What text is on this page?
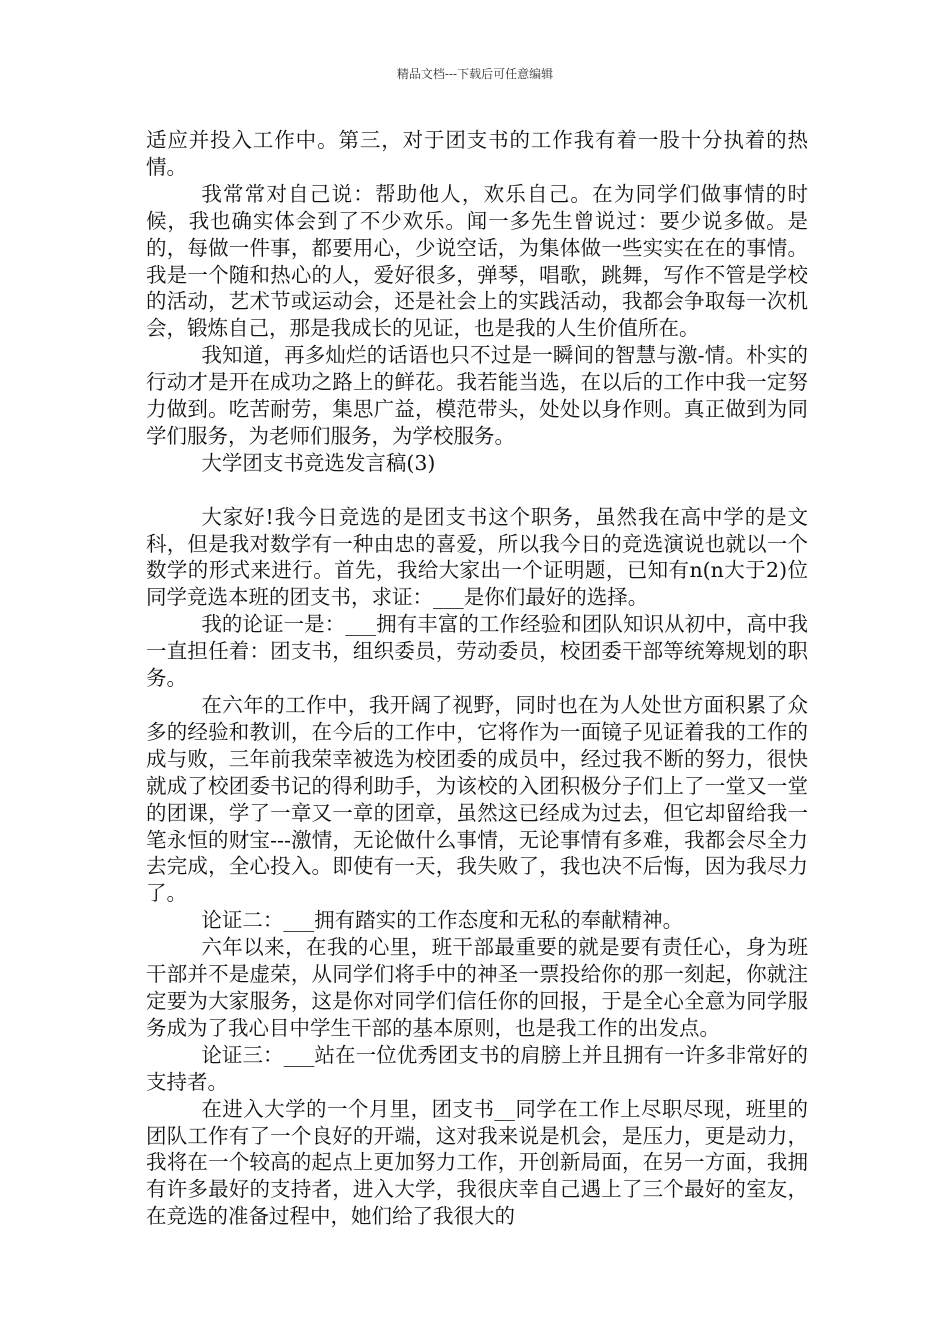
精品文档---下载后可任意编辑

适应并投入工作中。第三，对于团支书的工作我有着一股十分执着的热情。

我常常对自己说：帮助他人，欢乐自己。在为同学们做事情的时候，我也确实体会到了不少欢乐。闻一多先生曾说过：要少说多做。是的，每做一件事，都要用心，少说空话，为集体做一些实实在在的事情。我是一个随和热心的人，爱好很多，弹琴，唱歌，跳舞，写作不管是学校的活动，艺术节或运动会，还是社会上的实践活动，我都会争取每一次机会，锻炼自己，那是我成长的见证，也是我的人生价值所在。

我知道，再多灿烂的话语也只不过是一瞬间的智慧与激-情。朴实的行动才是开在成功之路上的鲜花。我若能当选，在以后的工作中我一定努力做到。吃苦耐劳，集思广益，模范带头，处处以身作则。真正做到为同学们服务，为老师们服务，为学校服务。

大学团支书竞选发言稿(3)

大家好!我今日竞选的是团支书这个职务，虽然我在高中学的是文科，但是我对数学有一种由忠的喜爱，所以我今日的竞选演说也就以一个数学的形式来进行。首先，我给大家出一个证明题，已知有n(n大于2)位同学竞选本班的团支书，求证：___是你们最好的选择。

我的论证一是：___拥有丰富的工作经验和团队知识从初中，高中我一直担任着：团支书，组织委员，劳动委员，校团委干部等统筹规划的职务。

在六年的工作中，我开阔了视野，同时也在为人处世方面积累了众多的经验和教训，在今后的工作中，它将作为一面镜子见证着我的工作的成与败，三年前我荣幸被选为校团委的成员中，经过我不断的努力，很快就成了校团委书记的得利助手，为该校的入团积极分子们上了一堂又一堂的团课，学了一章又一章的团章，虽然这已经成为过去，但它却留给我一笔永恒的财宝---激情，无论做什么事情，无论事情有多难，我都会尽全力去完成，全心投入。即使有一天，我失败了，我也决不后悔，因为我尽力了。

论证二：___拥有踏实的工作态度和无私的奉献精神。

六年以来，在我的心里，班干部最重要的就是要有责任心，身为班干部并不是虚荣，从同学们将手中的神圣一票投给你的那一刻起，你就注定要为大家服务，这是你对同学们信任你的回报，于是全心全意为同学服务成为了我心目中学生干部的基本原则，也是我工作的出发点。

论证三：___站在一位优秀团支书的肩膀上并且拥有一许多非常好的支持者。

在进入大学的一个月里，团支书__同学在工作上尽职尽现，班里的团队工作有了一个良好的开端，这对我来说是机会，是压力，更是动力，我将在一个较高的起点上更加努力工作，开创新局面，在另一方面，我拥有许多最好的支持者，进入大学，我很庆幸自己遇上了三个最好的室友，在竞选的准备过程中，她们给了我很大的
